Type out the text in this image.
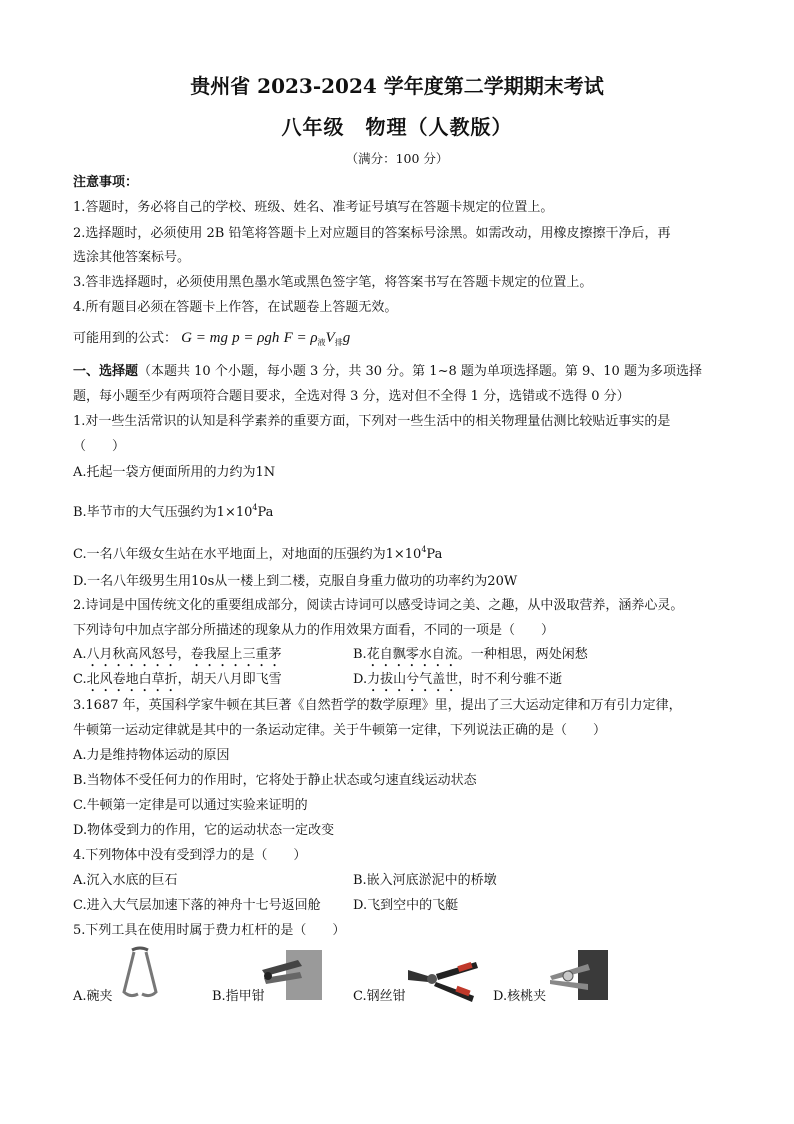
贵州省 2023-2024 学年度第二学期期末考试
八年级　物理（人教版）
（满分：100 分）
注意事项：
1.答题时，务必将自己的学校、班级、姓名、准考证号填写在答题卡规定的位置上。
2.选择题时，必须使用 2B 铅笔将答题卡上对应题目的答案标号涂黑。如需改动，用橡皮擦擦干净后，再
选涂其他答案标号。
3.答非选择题时，必须使用黑色墨水笔或黑色签字笔，将答案书写在答题卡规定的位置上。
4.所有题目必须在答题卡上作答，在试题卷上答题无效。
可能用到的公式： G = mg p = ρgh $F = \rho_液V_排g$
一、选择题（本题共 10 个小题，每小题 3 分，共 30 分。第 1~8 题为单项选择题。第 9、10 题为多项选择
题，每小题至少有两项符合题目要求，全选对得 3 分，选对但不全得 1 分，选错或不选得 0 分）
1.对一些生活常识的认知是科学素养的重要方面，下列对一些生活中的相关物理量估测比较贴近事实的是
（　　）
A.托起一袋方便面所用的力约为1N
B.毕节市的大气压强约为$1\times 10^4Pa$
C.一名八年级女生站在水平地面上，对地面的压强约为$1\times 10^4Pa$
D.一名八年级男生用10s从一楼上到二楼，克服自身重力做功的功率约为20W
2.诗词是中国传统文化的重要组成部分，阅读古诗词可以感受诗词之美、之趣，从中汲取营养，涵养心灵。
下列诗句中加点字部分所描述的现象从力的作用效果方面看，不同的一项是（　　）
A.八月秋高风怒号，卷我屋上三重茅	B.花自飘零水自流。一种相思，两处闲愁
C.北风卷地白草折，胡天八月即飞雪	D.力拔山兮气盖世，时不利兮骓不逝
3.1687 年，英国科学家牛顿在其巨著《自然哲学的数学原理》里，提出了三大运动定律和万有引力定律，
牛顿第一运动定律就是其中的一条运动定律。关于牛顿第一定律，下列说法正确的是（　　）
A.力是维持物体运动的原因
B.当物体不受任何力的作用时，它将处于静止状态或匀速直线运动状态
C.牛顿第一定律是可以通过实验来证明的
D.物体受到力的作用，它的运动状态一定改变
4.下列物体中没有受到浮力的是（　　）
A.沉入水底的巨石	B.嵌入河底淤泥中的桥墩
C.进入大气层加速下落的神舟十七号返回舱 D.飞到空中的飞艇
5.下列工具在使用时属于费力杠杆的是（　　）
A.碗夹	B.指甲钳	C.钢丝钳	D.核桃夹
